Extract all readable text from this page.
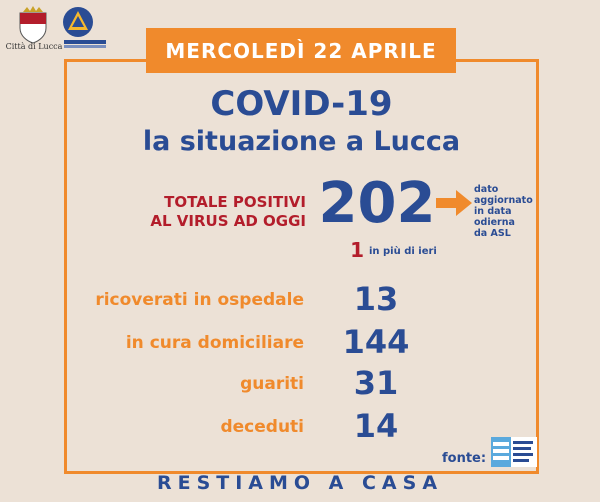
Città di Lucca	MERCOLEDÌ 22 APRILE
COVID-19
la situazione a Lucca
TOTALE POSITIVI
AL VIRUS AD OGGI 202	dato
aggiornato
in data
odierna
da ASL
1 in più di ieri
ricoverati in ospedale	13
in cura domiciliare 144
guariti	31
deceduti	14
fonte:
RESTIAMO A CASA
